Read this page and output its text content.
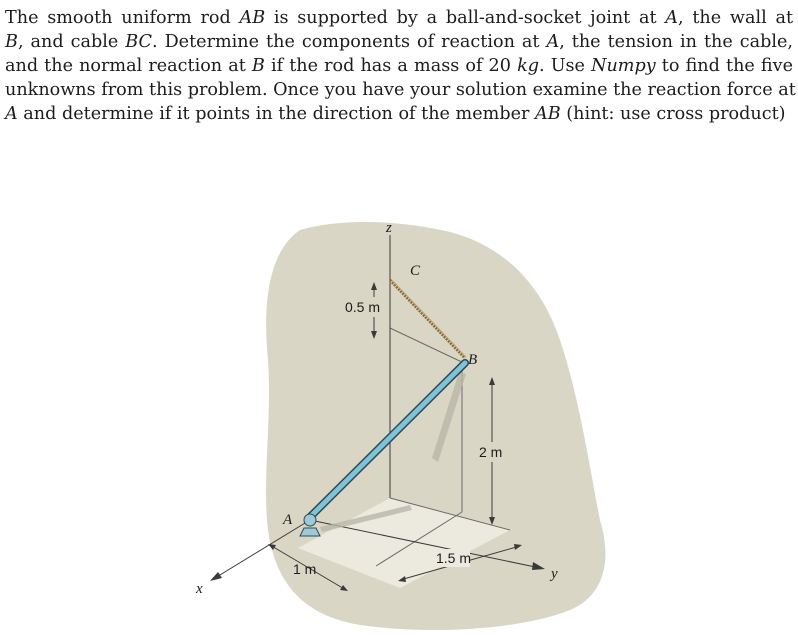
The smooth uniform rod AB is supported by a ball-and-socket joint at A, the wall at
B, and cable BC. Determine the components of reaction at A, the tension in the cable,
and the normal reaction at B if the rod has a mass of 20 kg. Use Numpy to find the five
unknowns from this problem. Once you have your solution examine the reaction force at
A and determine if it points in the direction of the member AB (hint: use cross product)
z
y
x
C
B
A
0.5 m
2 m
1 m
1.5 m
